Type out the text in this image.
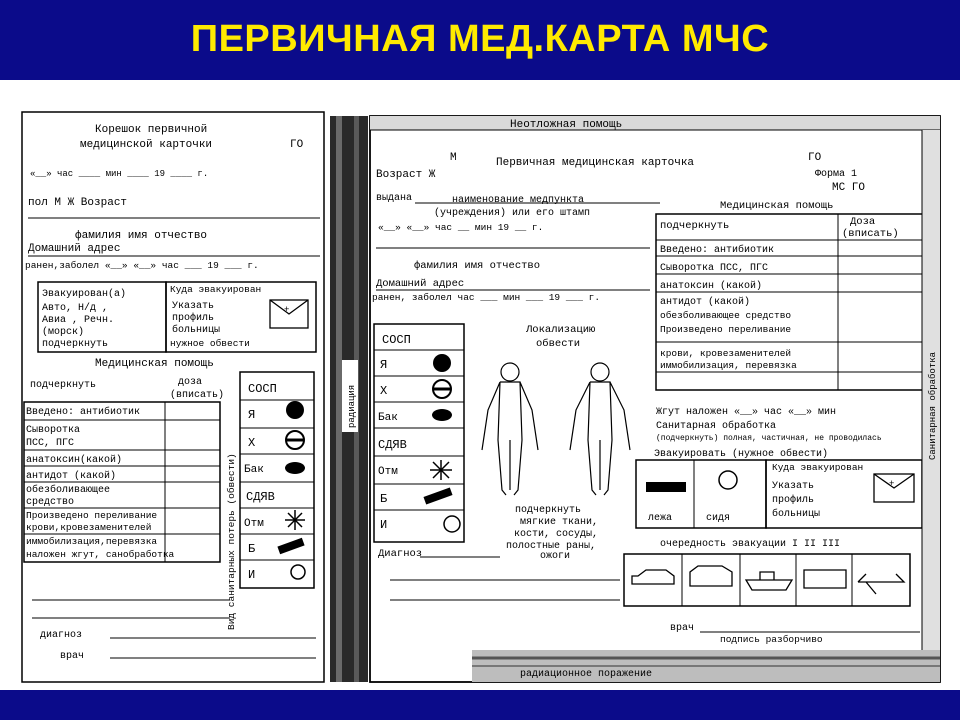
ПЕРВИЧНАЯ МЕД.КАРТА МЧС
Корешок первичной
медицинской карточки	ГО
«__» час ____ мин ____ 19 ____ г.
пол М Ж Возраст
фамилия имя отчество
Домашний адрес
ранен,заболел «__» «__» час ___ 19 ___ г.
Эвакуирован(а)
Авто, Н/д ,
Авиа , Речн.
(морск)
подчеркнуть
Куда эвакуирован
Указать
профиль
больницы
нужное обвести
+
Медицинская помощь
подчеркнуть	доза
(вписать)
Введено: антибиотик
Сыворотка
ПСС, ПГС
анатоксин(какой)
антидот (какой)
обезболивающее
средство
Произведено переливание
крови,кровезаменителей
иммобилизация,перевязка
наложен жгут, санобработка	Вид санитарных потерь (обвести)
СОСП
Я
Х
Бак
СДЯВ
Отм
Б
И
диагноз
врач
радиация
Неотложная помощь
М	Первичная медицинская карточка	ГО
Форма 1
МС ГО
Возраст Ж
выдана	наименование медпункта
(учреждения) или его штамп
«__» «__» час __ мин 19 __ г.
фамилия имя отчество
Домашний адрес
ранен, заболел час ___ мин ___ 19 ___ г.
СОСП
Я
Х
Бак
СДЯВ
Отм
Б
И
Локализацию
обвести
подчеркнуть
мягкие ткани,
кости, сосуды,
полостные раны,
ожоги
Диагноз
Медицинская помощь
подчеркнуть	Доза
(вписать)
Введено: антибиотик
Сыворотка ПСС, ПГС
анатоксин (какой)
антидот (какой)
обезболивающее средство
Произведено переливание
крови, кровезаменителей
иммобилизация, перевязка
Жгут наложен «__» час «__» мин
Санитарная обработка
(подчеркнуть) полная, частичная, не проводилась
Эвакуировать (нужное обвести)
лежа	сидя
Куда эвакуирован
Указать
профиль
больницы
+
очередность эвакуации I II III
врач
подпись разборчиво
радиационное поражение
Санитарная обработка
